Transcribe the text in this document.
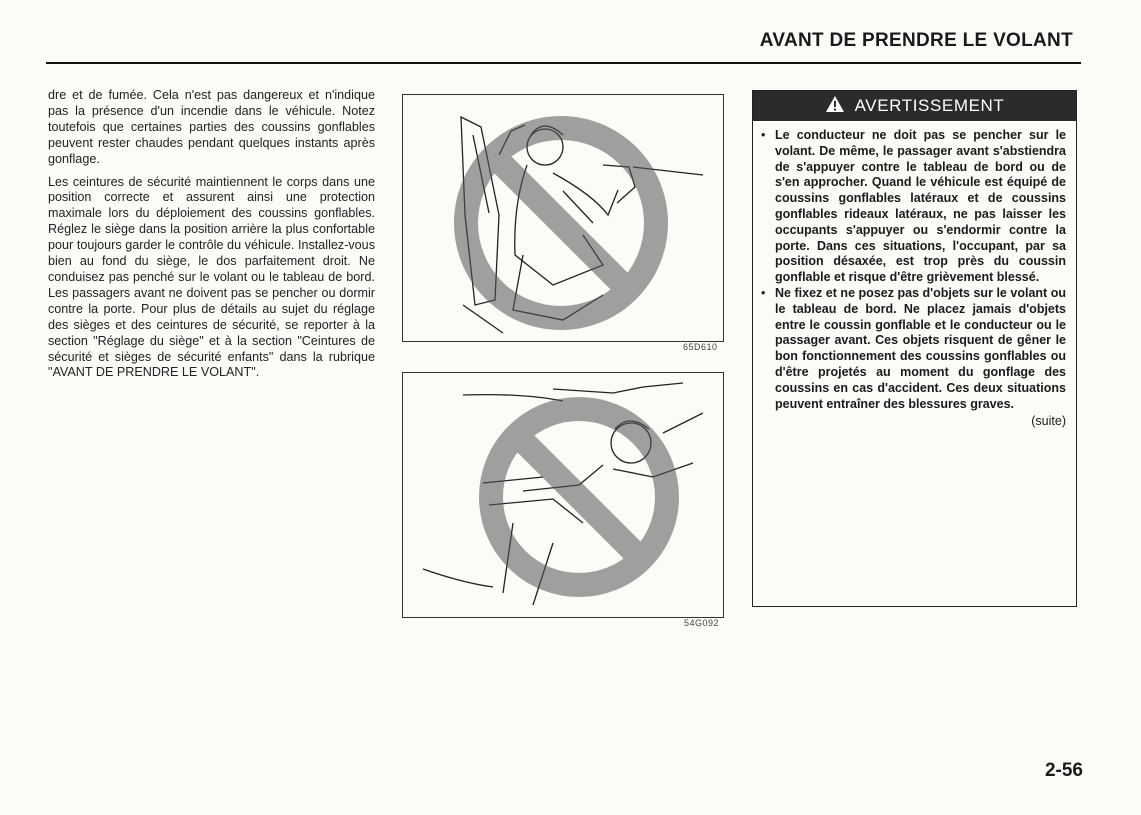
AVANT DE PRENDRE LE VOLANT

dre et de fumée. Cela n'est pas dangereux et n'indique pas la présence d'un incendie dans le véhicule. Notez toutefois que certaines parties des coussins gonflables peuvent rester chaudes pendant quelques instants après gonflage.

Les ceintures de sécurité maintiennent le corps dans une position correcte et assurent ainsi une protection maximale lors du déploiement des coussins gonflables. Réglez le siège dans la position arrière la plus confortable pour toujours garder le contrôle du véhicule. Installez-vous bien au fond du siège, le dos parfaitement droit. Ne conduisez pas penché sur le volant ou le tableau de bord. Les passagers avant ne doivent pas se pencher ou dormir contre la porte. Pour plus de détails au sujet du réglage des sièges et des ceintures de sécurité, se reporter à la section "Réglage du siège" et à la section "Ceintures de sécurité et sièges de sécurité enfants" dans la rubrique "AVANT DE PRENDRE LE VOLANT".

65D610
54G092
AVERTISSEMENT
• Le conducteur ne doit pas se pencher sur le volant. De même, le passager avant s'abstiendra de s'appuyer contre le tableau de bord ou de s'en approcher. Quand le véhicule est équipé de coussins gonflables latéraux et de coussins gonflables rideaux latéraux, ne pas laisser les occupants s'appuyer ou s'endormir contre la porte. Dans ces situations, l'occupant, par sa position désaxée, est trop près du coussin gonflable et risque d'être grièvement blessé.
• Ne fixez et ne posez pas d'objets sur le volant ou le tableau de bord. Ne placez jamais d'objets entre le coussin gonflable et le conducteur ou le passager avant. Ces objets risquent de gêner le bon fonctionnement des coussins gonflables ou d'être projetés au moment du gonflage des coussins en cas d'accident. Ces deux situations peuvent entraîner des blessures graves.
(suite)
2-56
